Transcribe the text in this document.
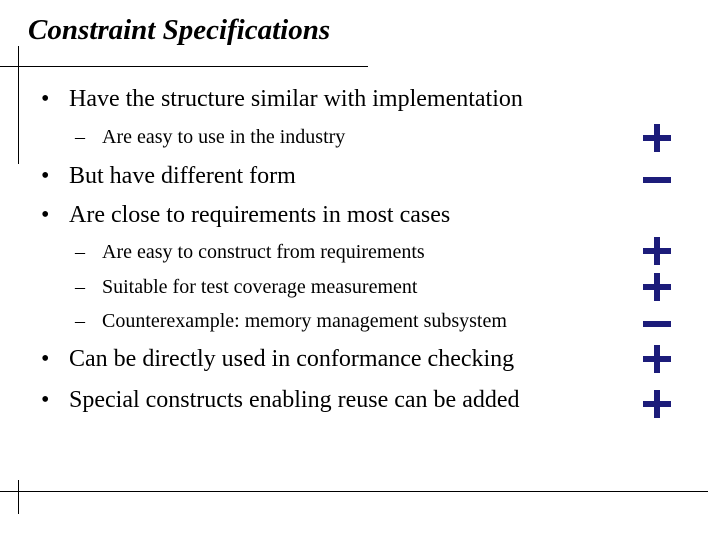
Constraint Specifications
• Have the structure similar with implementation
– Are easy to use in the industry
• But have different form
• Are close to requirements in most cases
– Are easy to construct from requirements
– Suitable for test coverage measurement
– Counterexample: memory management subsystem
• Can be directly used in conformance checking
• Special constructs enabling reuse can be added
